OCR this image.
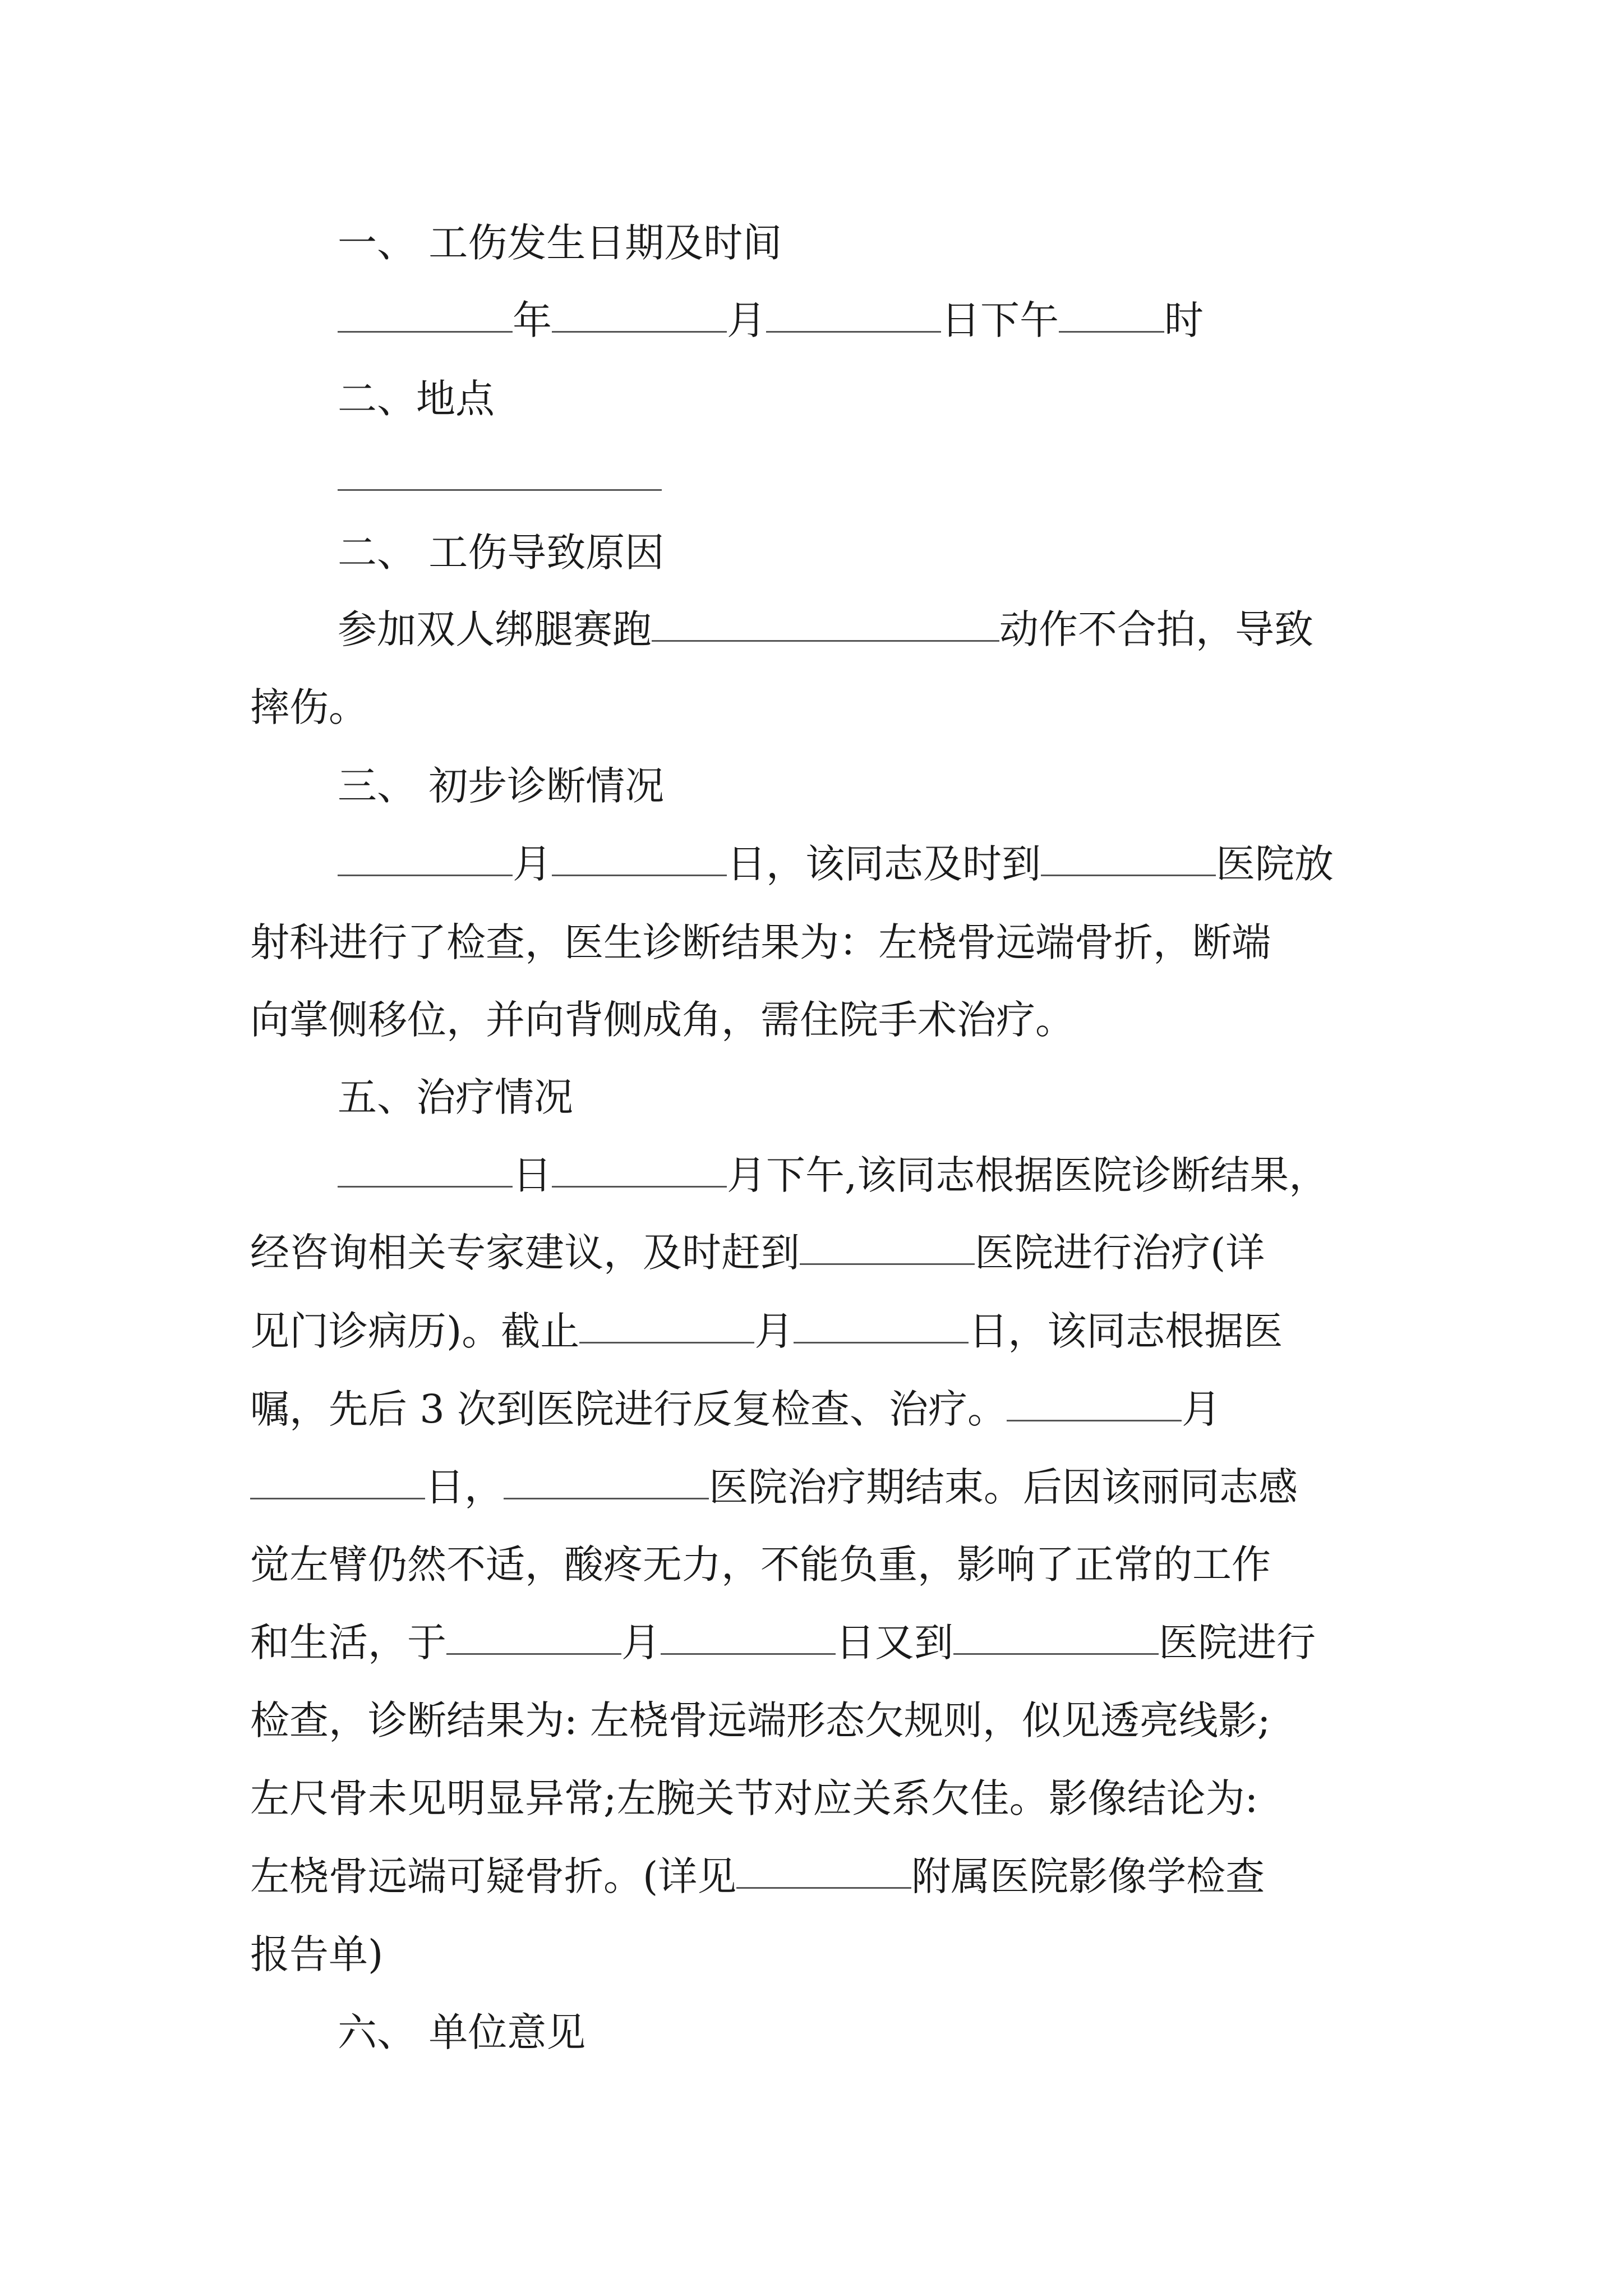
一、 工伤发生日期及时间
年	月	日下午	时
二、地点
二、 工伤导致原因
参加双人绑腿赛跑	动作不合拍，导致
摔伤。
三、 初步诊断情况
月	日，该同志及时到	医院放
射科进行了检查，医生诊断结果为：左桡骨远端骨折，断端
向掌侧移位，并向背侧成角，需住院手术治疗。
五、治疗情况
日	月下午,该同志根据医院诊断结果，
经咨询相关专家建议，及时赶到	医院进行治疗(详
见门诊病历)。截止	月	日，该同志根据医
嘱，先后 3 次到医院进行反复检查、治疗。	月
日，	医院治疗期结束。后因该丽同志感
觉左臂仍然不适，酸疼无力，不能负重，影响了正常的工作
和生活，于	月	日又到	医院进行
检查，诊断结果为: 左桡骨远端形态欠规则，似见透亮线影;
左尺骨未见明显异常;左腕关节对应关系欠佳。影像结论为:
左桡骨远端可疑骨折。(详见	附属医院影像学检查
报告单)
六、 单位意见
